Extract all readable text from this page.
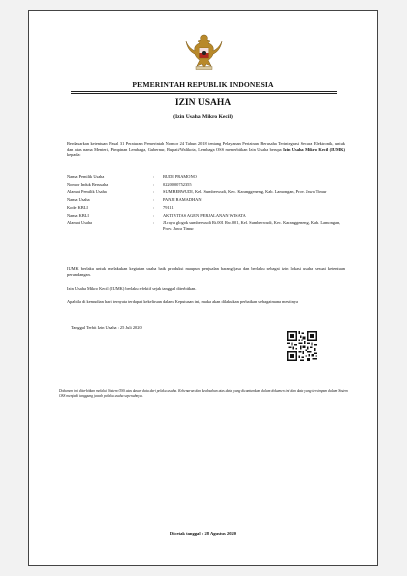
PEMERINTAH REPUBLIK INDONESIA
IZIN USAHA
(Izin Usaha Mikro Kecil)
Berdasarkan ketentuan Pasal 31 Peraturan Pemerintah Nomor 24 Tahun 2018 tentang Pelayanan Perizinan Berusaha Terintegrasi Secara Elektronik, untuk dan atas nama Menteri, Pimpinan Lembaga, Gubernur, Bupati/Walikota, Lembaga OSS menerbitkan Izin Usaha berupa Izin Usaha Mikro Kecil (IUMK) kepada:
Nama Pemilik Usaha	:	BUDI PRAMONO
Nomor Induk Berusaha	:	0220000752355
Alamat Pemilik Usaha	:	SUMBERWUDI, Kel. Sumberwudi, Kec. Karanggeneng, Kab. Lamongan, Prov. Jawa Timur
Nama Usaha	:	PANJI RAMADHAN
Kode KBLI	:	79111
Nama KBLI	:	AKTIVITAS AGEN PERJALANAN WISATA
Alamat Usaha	:	JI.raya glogok sumberwudi Rt.001 Rw.001, Kel. Sumberwudi, Kec. Karanggeneng, Kab. Lamongan, Prov. Jawa Timur
IUMK berlaku untuk melakukan kegiatan usaha baik produksi maupun penjualan barang/jasa dan berlaku sebagai izin lokasi usaha sesuai ketentuan perundangan.
Izin Usaha Mikro Kecil (IUMK) berlaku efektif sejak tanggal diterbitkan.
Apabila di kemudian hari ternyata terdapat kekeliruan dalam Keputusan ini, maka akan dilakukan perbaikan sebagaimana mestinya
Tanggal Terbit Izin Usaha : 25 Juli 2020
Dokumen ini diterbitkan melalui Sistem OSS atas dasar data dari pelaku usaha. Kebenaran dan keabsahan atas data yang dicantumkan dalam dokumen ini dan data yang tersimpan dalam Sistem OSS menjadi tanggung jawab pelaku usaha sepenuhnya.
Dicetak tanggal : 28 Agustus 2020
